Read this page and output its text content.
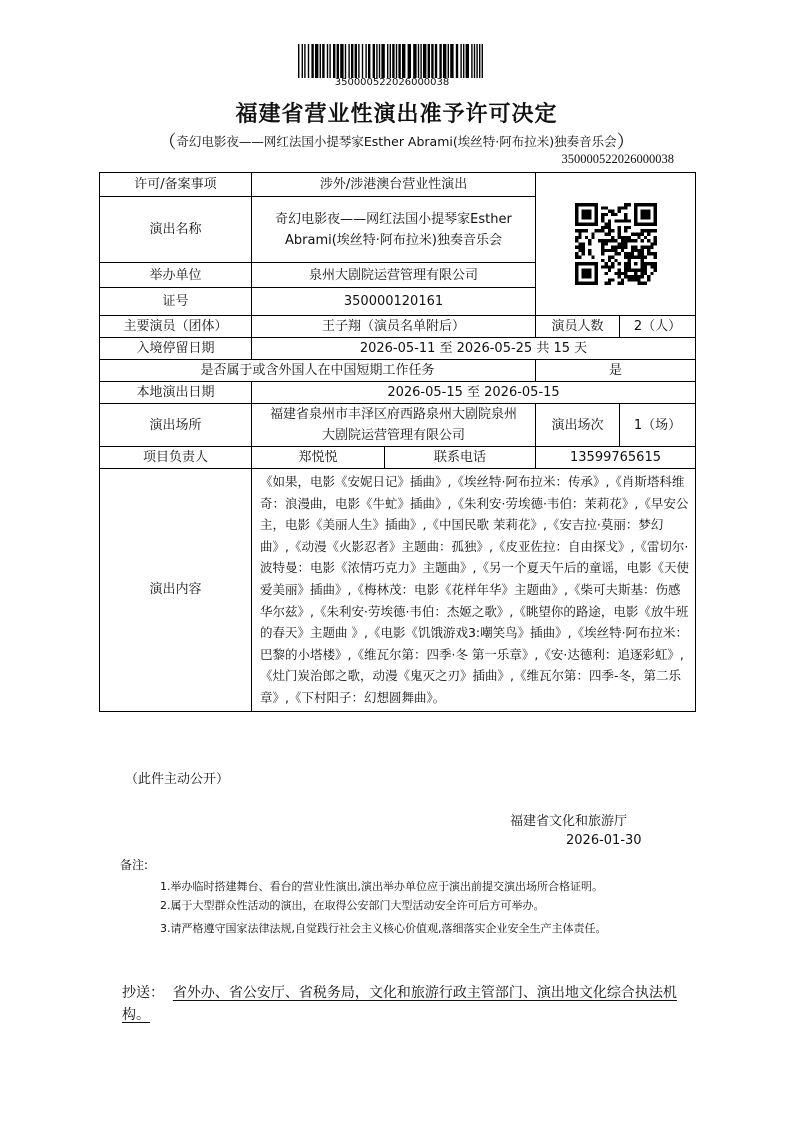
350000522026000038
福建省营业性演出准予许可决定
（奇幻电影夜——网红法国小提琴家Esther Abrami(埃丝特·阿布拉米)独奏音乐会）
350000522026000038
许可/备案事项	涉外/涉港澳台营业性演出	

演出名称	奇幻电影夜——网红法国小提琴家Esther Abrami(埃丝特·阿布拉米)独奏音乐会			
举办单位	泉州大剧院运营管理有限公司			
证号	350000120161			
主要演员（团体）	王子翔（演员名单附后）		演员人数	2（人）
入境停留日期	2026-05-11 至 2026-05-25 共 15 天			
是否属于或含外国人在中国短期工作任务			是	
本地演出日期	2026-05-15 至 2026-05-15			
演出场所	福建省泉州市丰泽区府西路泉州大剧院泉州大剧院运营管理有限公司		演出场次	1（场）
项目负责人	郑悦悦	联系电话	13599765615	
演出内容	《如果，电影《安妮日记》插曲》,《埃丝特·阿布拉米：传承》,《肖斯塔科维奇：浪漫曲，电影《牛虻》插曲》,《朱利安·劳埃德·韦伯：茉莉花》,《早安公主，电影《美丽人生》插曲》,《中国民歌 茉莉花》,《安吉拉·莫丽：梦幻曲》,《动漫《火影忍者》主题曲：孤独》,《皮亚佐拉：自由探戈》,《雷切尔·波特曼：电影《浓情巧克力》主题曲》,《另一个夏天午后的童谣，电影《天使爱美丽》插曲》,《梅林茂：电影《花样年华》主题曲》,《柴可夫斯基：伤感华尔兹》,《朱利安·劳埃德·韦伯：杰姬之歌》,《眺望你的路途，电影《放牛班的春天》主题曲 》,《电影《饥饿游戏3:嘲笑鸟》插曲》,《埃丝特·阿布拉米：巴黎的小塔楼》,《维瓦尔第：四季·冬 第一乐章》,《安·达德利：追逐彩虹》,《灶门炭治郎之歌，动漫《鬼灭之刃》插曲》,《维瓦尔第：四季-冬，第二乐章》,《下村阳子：幻想圆舞曲》。			
（此件主动公开）
福建省文化和旅游厅
2026-01-30
备注:
1.举办临时搭建舞台、看台的营业性演出,演出举办单位应于演出前提交演出场所合格证明。
2.属于大型群众性活动的演出，在取得公安部门大型活动安全许可后方可举办。
3.请严格遵守国家法律法规,自觉践行社会主义核心价值观,落细落实企业安全生产主体责任。
抄送： 省外办、省公安厅、省税务局，文化和旅游行政主管部门、演出地文化综合执法机构。
